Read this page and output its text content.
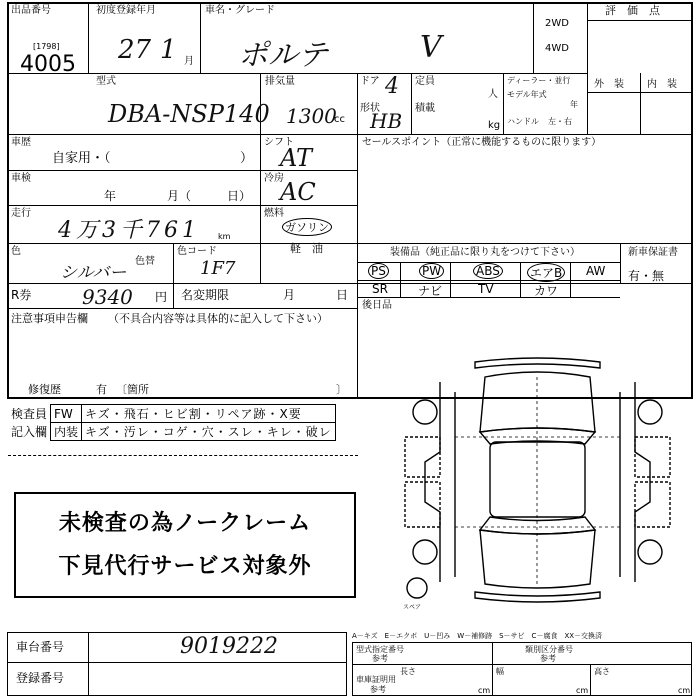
出品番号
[1798]
4005
初度登録年月
27 1 月
車名・グレード
ポルテ	V
2WD
4WD
評　価　点
型式
DBA-NSP140
排気量
1300
cc
ドア 4
形状
HB
定員
人
積載
kg
ディーラー・並行
モデル年式
年
ハンドル 左・右
外　装 内　装
車歴
自家用・（	）
シフト
AT
セールスポイント（正常に機能するものに限ります）
車検
年	月（	日）
冷房
AC
走行
4万3千761 km
燃料
ガソリン
軽　油
色
シルバー
色替
色コード
1F7
装備品（純正品に限り丸をつけて下さい）	新車保証書
有・無
PS	PW	ABS	エアB AW
SR	ナビ	TV	カワ
R券	9340 円 名変期限	月	日
後日品
注意事項申告欄 （不具合内容等は具体的に記入して下さい）
修復歴	有 〔箇所	〕
検査員	FW	キズ・飛石・ヒビ割・リペア跡・X要
記入欄	内装	キズ・汚レ・コゲ・穴・スレ・キレ・破レ
未検査の為ノークレーム
下見代行サービス対象外
スペア
車台番号	9019222
登録番号
A－キズ　E－エクボ　U－凹み　W－補修跡　S－サビ　C－腐食　XX－交換済
型式指定番号
参考
類別区分番号
参考
車庫証明用
参考
長さ
cm
幅
cm
高さ
cm
